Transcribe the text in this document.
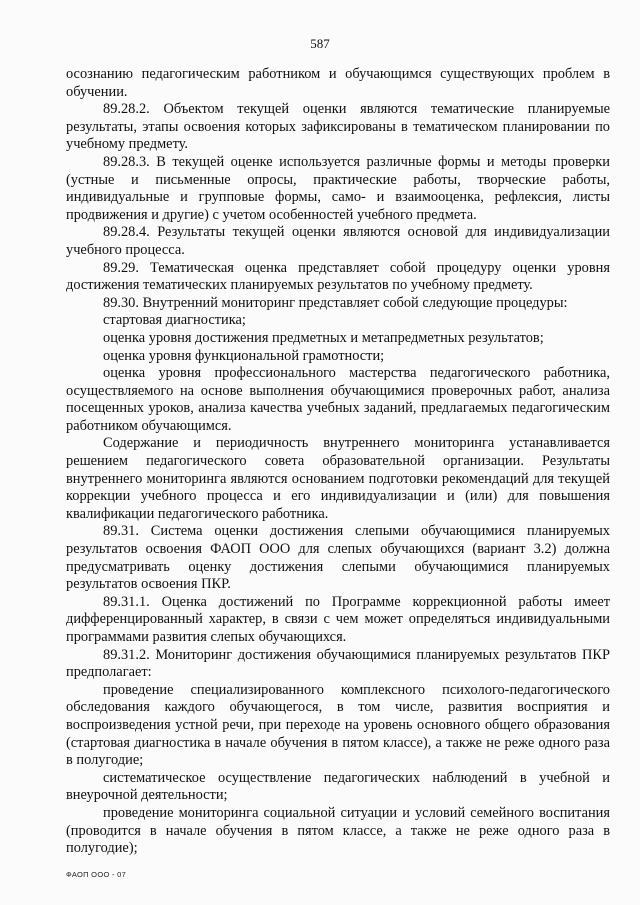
587

осознанию педагогическим работником и обучающимся существующих проблем в обучении.

89.28.2. Объектом текущей оценки являются тематические планируемые результаты, этапы освоения которых зафиксированы в тематическом планировании по учебному предмету.

89.28.3. В текущей оценке используется различные формы и методы проверки (устные и письменные опросы, практические работы, творческие работы, индивидуальные и групповые формы, само- и взаимооценка, рефлексия, листы продвижения и другие) с учетом особенностей учебного предмета.

89.28.4. Результаты текущей оценки являются основой для индивидуализации учебного процесса.

89.29. Тематическая оценка представляет собой процедуру оценки уровня достижения тематических планируемых результатов по учебному предмету.

89.30. Внутренний мониторинг представляет собой следующие процедуры:

стартовая диагностика;

оценка уровня достижения предметных и метапредметных результатов;

оценка уровня функциональной грамотности;

оценка уровня профессионального мастерства педагогического работника, осуществляемого на основе выполнения обучающимися проверочных работ, анализа посещенных уроков, анализа качества учебных заданий, предлагаемых педагогическим работником обучающимся.

Содержание и периодичность внутреннего мониторинга устанавливается решением педагогического совета образовательной организации. Результаты внутреннего мониторинга являются основанием подготовки рекомендаций для текущей коррекции учебного процесса и его индивидуализации и (или) для повышения квалификации педагогического работника.

89.31. Система оценки достижения слепыми обучающимися планируемых результатов освоения ФАОП ООО для слепых обучающихся (вариант 3.2) должна предусматривать оценку достижения слепыми обучающимися планируемых результатов освоения ПКР.

89.31.1. Оценка достижений по Программе коррекционной работы имеет дифференцированный характер, в связи с чем может определяться индивидуальными программами развития слепых обучающихся.

89.31.2. Мониторинг достижения обучающимися планируемых результатов ПКР предполагает:

проведение специализированного комплексного психолого-педагогического обследования каждого обучающегося, в том числе, развития восприятия и воспроизведения устной речи, при переходе на уровень основного общего образования (стартовая диагностика в начале обучения в пятом классе), а также не реже одного раза в полугодие;

систематическое осуществление педагогических наблюдений в учебной и внеурочной деятельности;

проведение мониторинга социальной ситуации и условий семейного воспитания (проводится в начале обучения в пятом классе, а также не реже одного раза в полугодие);

ФАОП ООО - 07
